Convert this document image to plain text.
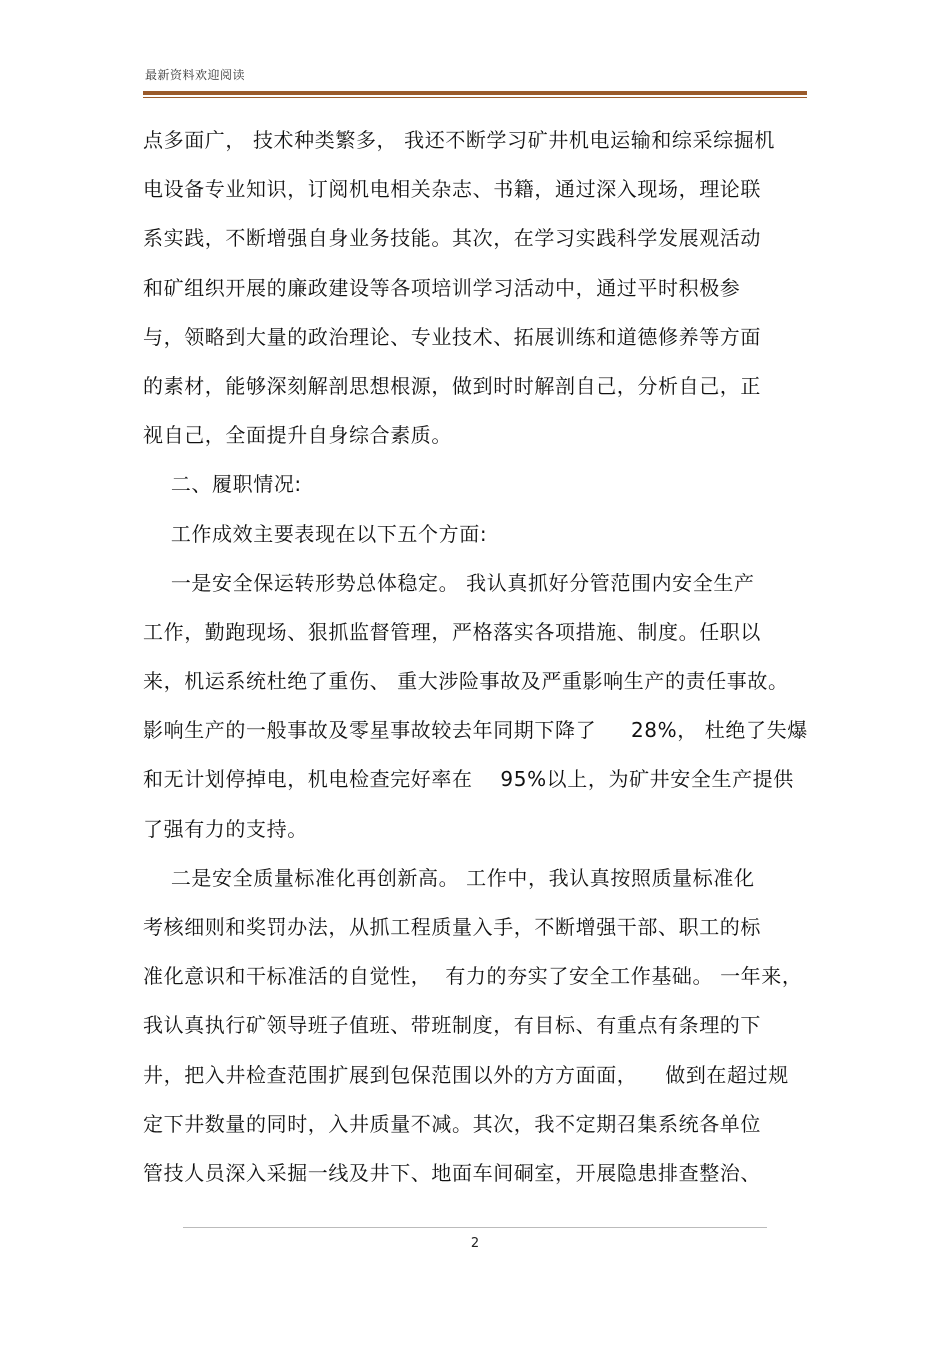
最新资料欢迎阅读
点多面广， 技术种类繁多， 我还不断学习矿井机电运输和综采综掘机
电设备专业知识，订阅机电相关杂志、书籍，通过深入现场，理论联
系实践，不断增强自身业务技能。其次，在学习实践科学发展观活动
和矿组织开展的廉政建设等各项培训学习活动中，通过平时积极参
与，领略到大量的政治理论、专业技术、拓展训练和道德修养等方面
的素材，能够深刻解剖思想根源，做到时时解剖自己，分析自己，正
视自己，全面提升自身综合素质。
二、履职情况:
工作成效主要表现在以下五个方面:
一是安全保运转形势总体稳定。 我认真抓好分管范围内安全生产
工作，勤跑现场、狠抓监督管理，严格落实各项措施、制度。任职以
来，机运系统杜绝了重伤、 重大涉险事故及严重影响生产的责任事故。
影响生产的一般事故及零星事故较去年同期下降了     28%， 杜绝了失爆
和无计划停掉电，机电检查完好率在    95%以上，为矿井安全生产提供
了强有力的支持。
二是安全质量标准化再创新高。 工作中，我认真按照质量标准化
考核细则和奖罚办法，从抓工程质量入手，不断增强干部、职工的标
准化意识和干标准活的自觉性，  有力的夯实了安全工作基础。 一年来，
我认真执行矿领导班子值班、带班制度，有目标、有重点有条理的下
井，把入井检查范围扩展到包保范围以外的方方面面，    做到在超过规
定下井数量的同时，入井质量不减。其次，我不定期召集系统各单位
管技人员深入采掘一线及井下、地面车间硐室，开展隐患排查整治、
2
